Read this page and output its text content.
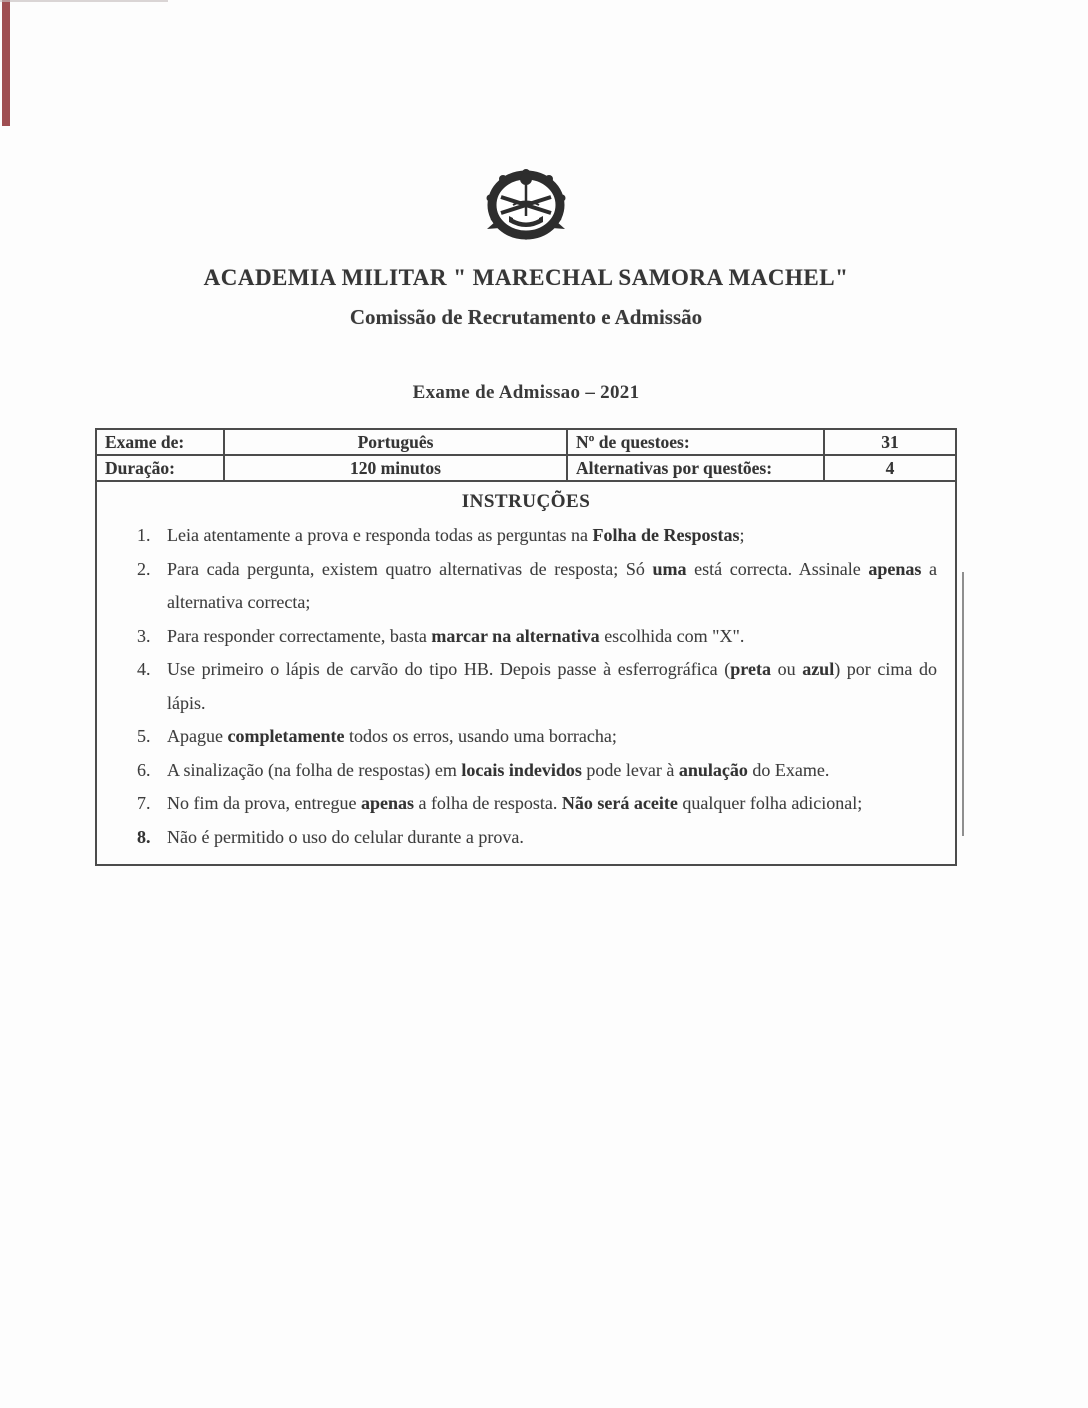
ACADEMIA MILITAR " MARECHAL SAMORA MACHEL"
Comissão de Recrutamento e Admissão
Exame de Admissao – 2021
Exame de:	Português	Nº de questoes:	31
Duração:	120 minutos	Alternativas por questões:	4
INSTRUÇÕES
1. Leia atentamente a prova e responda todas as perguntas na Folha de Respostas;
2. Para cada pergunta, existem quatro alternativas de resposta; Só uma está correcta. Assinale apenas a alternativa correcta;
3. Para responder correctamente, basta marcar na alternativa escolhida com "X".
4. Use primeiro o lápis de carvão do tipo HB. Depois passe à esferrográfica (preta ou azul) por cima do lápis.
5. Apague completamente todos os erros, usando uma borracha;
6. A sinalização (na folha de respostas) em locais indevidos pode levar à anulação do Exame.
7. No fim da prova, entregue apenas a folha de resposta. Não será aceite qualquer folha adicional;
8. Não é permitido o uso do celular durante a prova.
